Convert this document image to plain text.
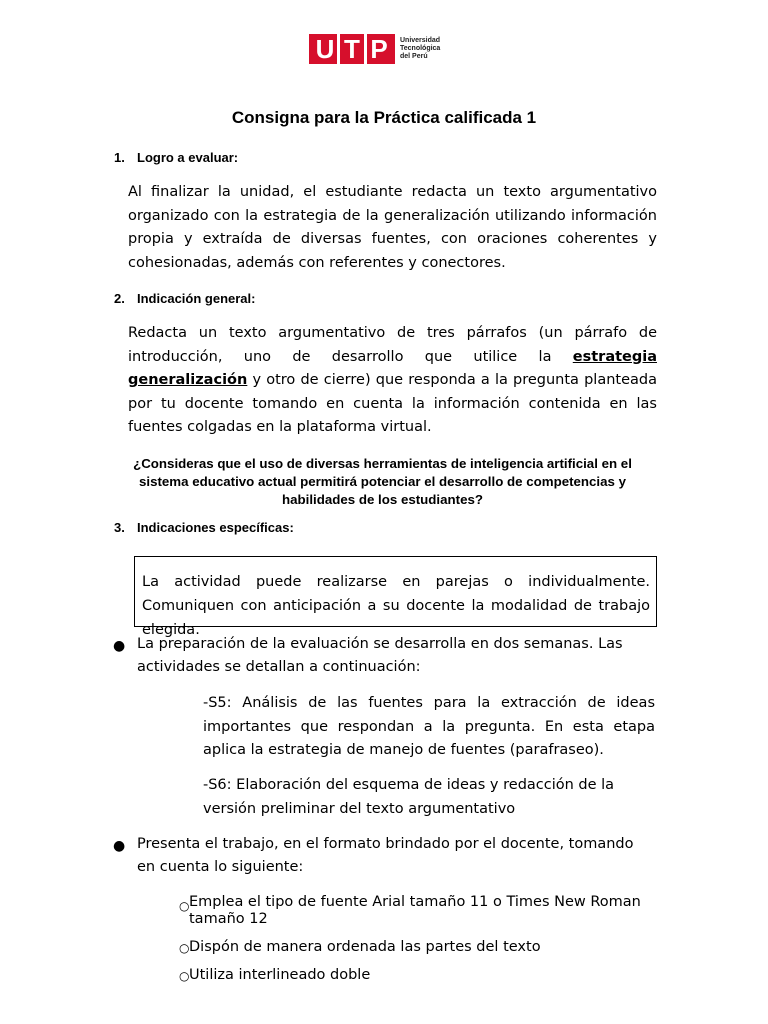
U T P	Universidad
Tecnológica
del Perú
Consigna para la Práctica calificada 1
1. Logro a evaluar:
Al finalizar la unidad, el estudiante redacta un texto argumentativo organizado con la estrategia de la generalización utilizando información propia y extraída de diversas fuentes, con oraciones coherentes y cohesionadas, además con referentes y conectores.
2. Indicación general:
Redacta un texto argumentativo de tres párrafos (un párrafo de introducción, uno de desarrollo que utilice la estrategia generalización y otro de cierre) que responda a la pregunta planteada por tu docente tomando en cuenta la información contenida en las fuentes colgadas en la plataforma virtual.
¿Consideras que el uso de diversas herramientas de inteligencia artificial en el sistema educativo actual permitirá potenciar el desarrollo de competencias y habilidades de los estudiantes?
3. Indicaciones específicas:
La actividad puede realizarse en parejas o individualmente. Comuniquen con anticipación a su docente la modalidad de trabajo elegida.
● La preparación de la evaluación se desarrolla en dos semanas. Las actividades se detallan a continuación:
-S5: Análisis de las fuentes para la extracción de ideas importantes que respondan a la pregunta. En esta etapa aplica la estrategia de manejo de fuentes (parafraseo).
-S6: Elaboración del esquema de ideas y redacción de la versión preliminar del texto argumentativo
● Presenta el trabajo, en el formato brindado por el docente, tomando en cuenta lo siguiente:
○ Emplea el tipo de fuente Arial tamaño 11 o Times New Roman tamaño 12
○ Dispón de manera ordenada las partes del texto
○ Utiliza interlineado doble
